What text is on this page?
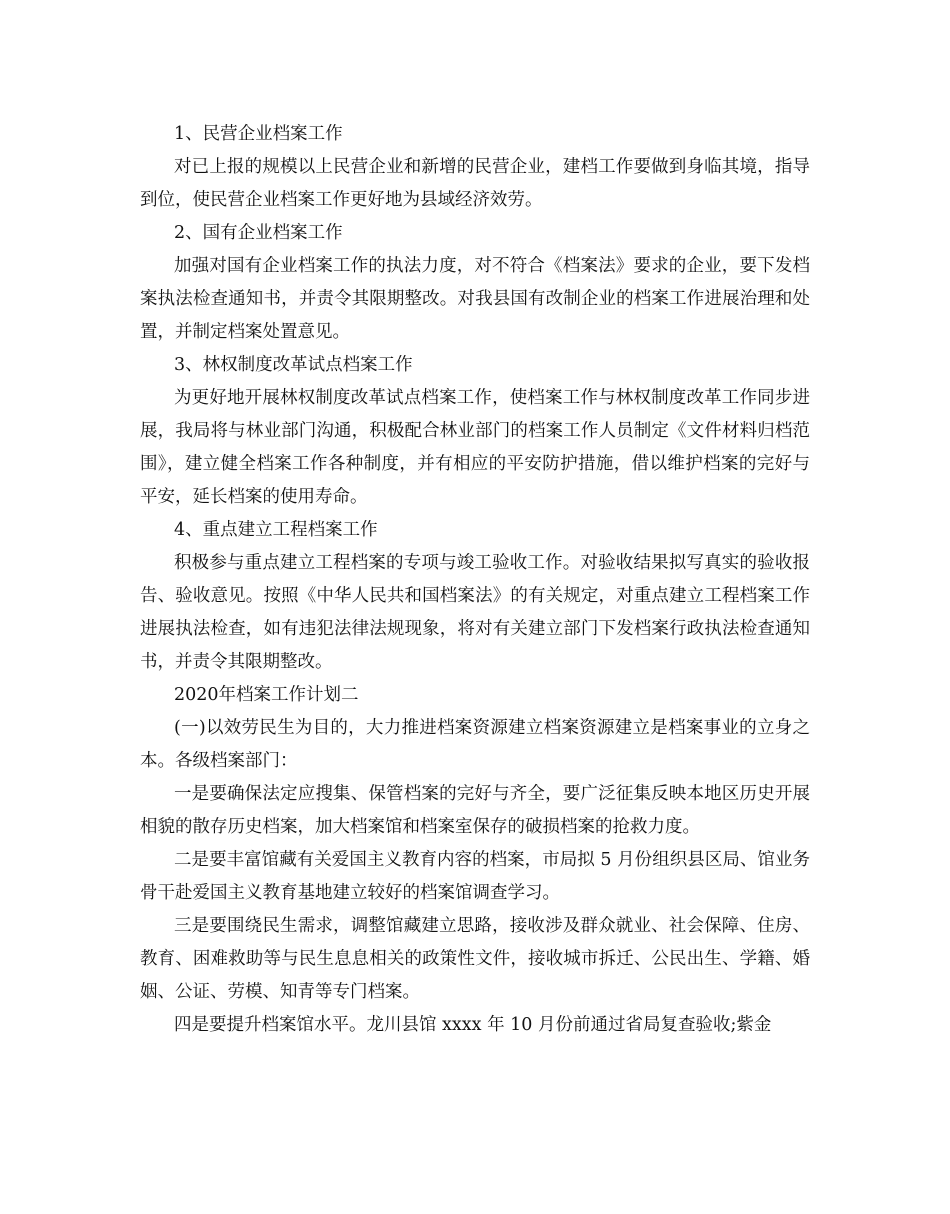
1、民营企业档案工作

对已上报的规模以上民营企业和新增的民营企业，建档工作要做到身临其境，指导到位，使民营企业档案工作更好地为县域经济效劳。

2、国有企业档案工作

加强对国有企业档案工作的执法力度，对不符合《档案法》要求的企业，要下发档案执法检查通知书，并责令其限期整改。对我县国有改制企业的档案工作进展治理和处置，并制定档案处置意见。

3、林权制度改革试点档案工作

为更好地开展林权制度改革试点档案工作，使档案工作与林权制度改革工作同步进展，我局将与林业部门沟通，积极配合林业部门的档案工作人员制定《文件材料归档范围》，建立健全档案工作各种制度，并有相应的平安防护措施，借以维护档案的完好与平安，延长档案的使用寿命。

4、重点建立工程档案工作

积极参与重点建立工程档案的专项与竣工验收工作。对验收结果拟写真实的验收报告、验收意见。按照《中华人民共和国档案法》的有关规定，对重点建立工程档案工作进展执法检查，如有违犯法律法规现象，将对有关建立部门下发档案行政执法检查通知书，并责令其限期整改。

2020年档案工作计划二

(一)以效劳民生为目的，大力推进档案资源建立档案资源建立是档案事业的立身之本。各级档案部门：

一是要确保法定应搜集、保管档案的完好与齐全，要广泛征集反映本地区历史开展相貌的散存历史档案，加大档案馆和档案室保存的破损档案的抢救力度。

二是要丰富馆藏有关爱国主义教育内容的档案，市局拟 5 月份组织县区局、馆业务骨干赴爱国主义教育基地建立较好的档案馆调查学习。

三是要围绕民生需求，调整馆藏建立思路，接收涉及群众就业、社会保障、住房、教育、困难救助等与民生息息相关的政策性文件，接收城市拆迁、公民出生、学籍、婚姻、公证、劳模、知青等专门档案。

四是要提升档案馆水平。龙川县馆 xxxx 年 10 月份前通过省局复查验收;紫金
